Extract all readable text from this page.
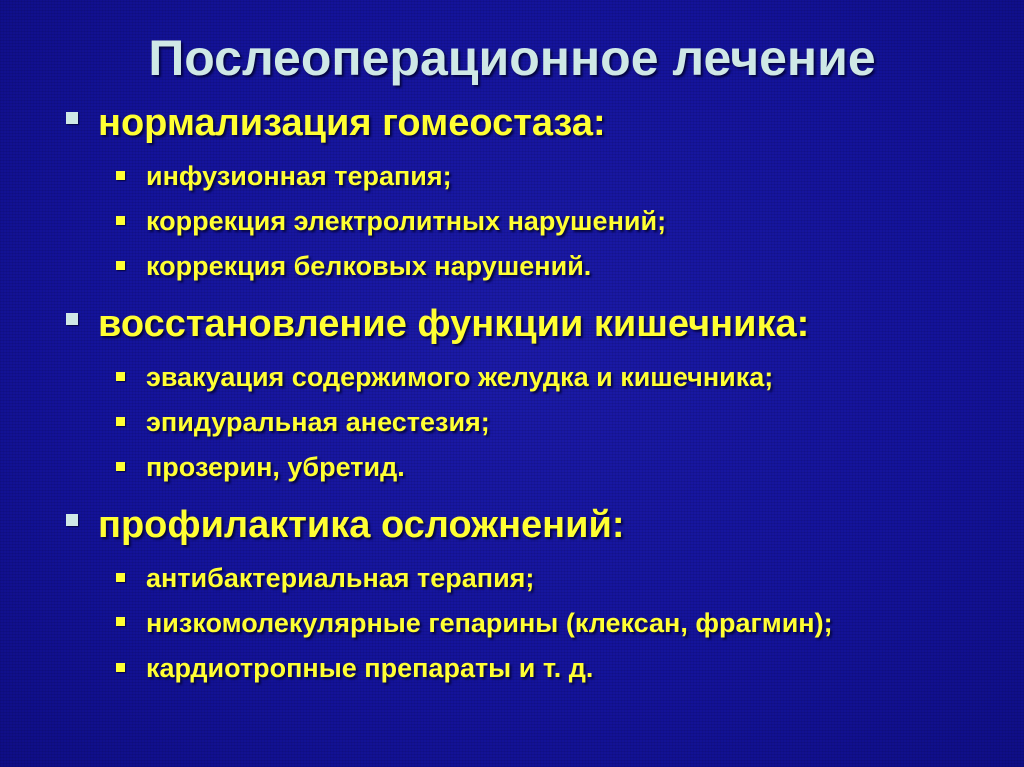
Послеоперационное лечение
нормализация гомеостаза:
инфузионная терапия;
коррекция электролитных нарушений;
коррекция белковых нарушений.
восстановление функции кишечника:
эвакуация содержимого желудка и кишечника;
эпидуральная анестезия;
прозерин, убретид.
профилактика осложнений:
антибактериальная терапия;
низкомолекулярные гепарины (клексан, фрагмин);
кардиотропные препараты и т. д.
